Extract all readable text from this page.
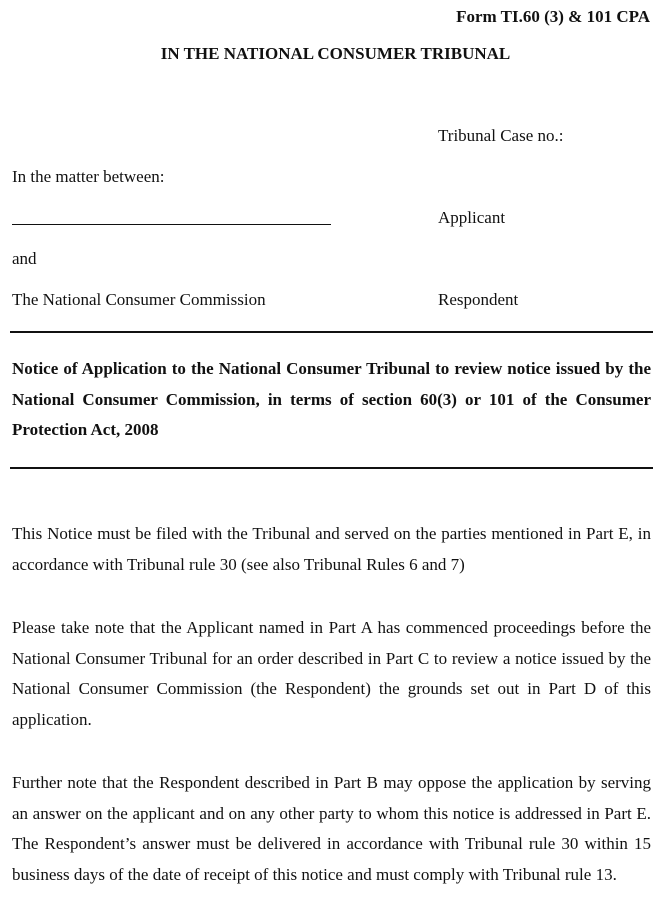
Form TI.60 (3) & 101 CPA
IN THE NATIONAL CONSUMER TRIBUNAL
Tribunal Case no.:
In the matter between:
Applicant
and
The National Consumer Commission	Respondent
Notice of Application to the National Consumer Tribunal to review notice issued by the National Consumer Commission, in terms of section 60(3) or 101 of the Consumer Protection Act, 2008
This Notice must be filed with the Tribunal and served on the parties mentioned in Part E, in accordance with Tribunal rule 30 (see also Tribunal Rules 6 and 7)
Please take note that the Applicant named in Part A has commenced proceedings before the National Consumer Tribunal for an order described in Part C to review a notice issued by the National Consumer Commission (the Respondent) the grounds set out in Part D of this application.
Further note that the Respondent described in Part B may oppose the application by serving an answer on the applicant and on any other party to whom this notice is addressed in Part E. The Respondent’s answer must be delivered in accordance with Tribunal rule 30 within 15 business days of the date of receipt of this notice and must comply with Tribunal rule 13.
